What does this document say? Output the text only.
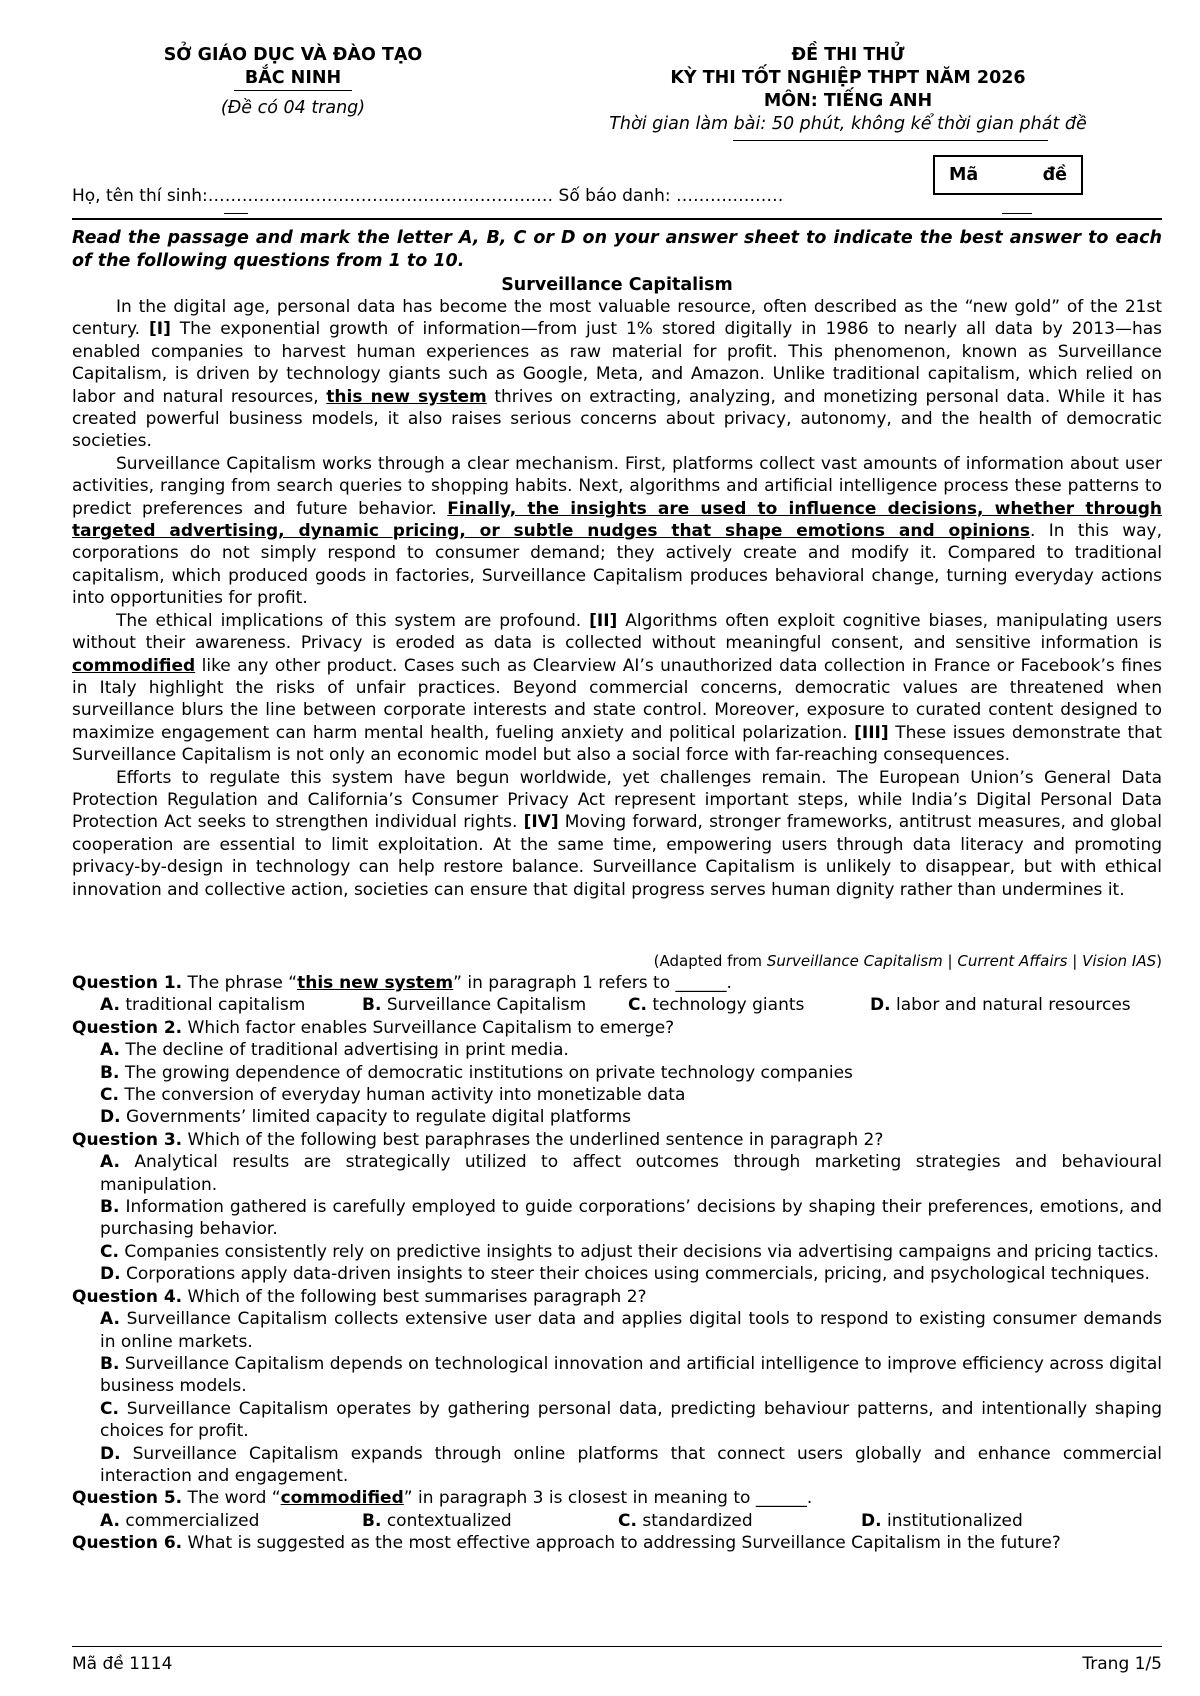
SỞ GIÁO DỤC VÀ ĐÀO TẠO
BẮC NINH
(Đề có 04 trang)
ĐỀ THI THỬ
KỲ THI TỐT NGHIỆP THPT NĂM 2026
MÔN: TIẾNG ANH
Thời gian làm bài: 50 phút, không kể thời gian phát đề
Mã	đề
Họ, tên thí sinh:………………………………………………….… Số báo danh: ……….………
Read the passage and mark the letter A, B, C or D on your answer sheet to indicate the best answer to each of the following questions from 1 to 10.
Surveillance Capitalism

In the digital age, personal data has become the most valuable resource, often described as the “new gold” of the 21st century. [I] The exponential growth of information—from just 1% stored digitally in 1986 to nearly all data by 2013—has enabled companies to harvest human experiences as raw material for profit. This phenomenon, known as Surveillance Capitalism, is driven by technology giants such as Google, Meta, and Amazon. Unlike traditional capitalism, which relied on labor and natural resources, this new system thrives on extracting, analyzing, and monetizing personal data. While it has created powerful business models, it also raises serious concerns about privacy, autonomy, and the health of democratic societies.

Surveillance Capitalism works through a clear mechanism. First, platforms collect vast amounts of information about user activities, ranging from search queries to shopping habits. Next, algorithms and artificial intelligence process these patterns to predict preferences and future behavior. Finally, the insights are used to influence decisions, whether through targeted advertising, dynamic pricing, or subtle nudges that shape emotions and opinions. In this way, corporations do not simply respond to consumer demand; they actively create and modify it. Compared to traditional capitalism, which produced goods in factories, Surveillance Capitalism produces behavioral change, turning everyday actions into opportunities for profit.

The ethical implications of this system are profound. [II] Algorithms often exploit cognitive biases, manipulating users without their awareness. Privacy is eroded as data is collected without meaningful consent, and sensitive information is commodified like any other product. Cases such as Clearview AI’s unauthorized data collection in France or Facebook’s fines in Italy highlight the risks of unfair practices. Beyond commercial concerns, democratic values are threatened when surveillance blurs the line between corporate interests and state control. Moreover, exposure to curated content designed to maximize engagement can harm mental health, fueling anxiety and political polarization. [III] These issues demonstrate that Surveillance Capitalism is not only an economic model but also a social force with far-reaching consequences.

Efforts to regulate this system have begun worldwide, yet challenges remain. The European Union’s General Data Protection Regulation and California’s Consumer Privacy Act represent important steps, while India’s Digital Personal Data Protection Act seeks to strengthen individual rights. [IV] Moving forward, stronger frameworks, antitrust measures, and global cooperation are essential to limit exploitation. At the same time, empowering users through data literacy and promoting privacy-by-design in technology can help restore balance. Surveillance Capitalism is unlikely to disappear, but with ethical innovation and collective action, societies can ensure that digital progress serves human dignity rather than undermines it.

(Adapted from Surveillance Capitalism | Current Affairs | Vision IAS)

Question 1. The phrase “this new system” in paragraph 1 refers to ______.

A. traditional capitalism	B. Surveillance Capitalism	C. technology giants	D. labor and natural resources

Question 2. Which factor enables Surveillance Capitalism to emerge?

A. The decline of traditional advertising in print media.

B. The growing dependence of democratic institutions on private technology companies

C. The conversion of everyday human activity into monetizable data

D. Governments’ limited capacity to regulate digital platforms

Question 3. Which of the following best paraphrases the underlined sentence in paragraph 2?

A. Analytical results are strategically utilized to affect outcomes through marketing strategies and behavioural manipulation.

B. Information gathered is carefully employed to guide corporations’ decisions by shaping their preferences, emotions, and purchasing behavior.

C. Companies consistently rely on predictive insights to adjust their decisions via advertising campaigns and pricing tactics.

D. Corporations apply data-driven insights to steer their choices using commercials, pricing, and psychological techniques.

Question 4. Which of the following best summarises paragraph 2?

A. Surveillance Capitalism collects extensive user data and applies digital tools to respond to existing consumer demands in online markets.

B. Surveillance Capitalism depends on technological innovation and artificial intelligence to improve efficiency across digital business models.

C. Surveillance Capitalism operates by gathering personal data, predicting behaviour patterns, and intentionally shaping choices for profit.

D. Surveillance Capitalism expands through online platforms that connect users globally and enhance commercial interaction and engagement.

Question 5. The word “commodified” in paragraph 3 is closest in meaning to ______.

A. commercialized	B. contextualized	C. standardized	D. institutionalized

Question 6. What is suggested as the most effective approach to addressing Surveillance Capitalism in the future?

Mã đề 1114	Trang 1/5
